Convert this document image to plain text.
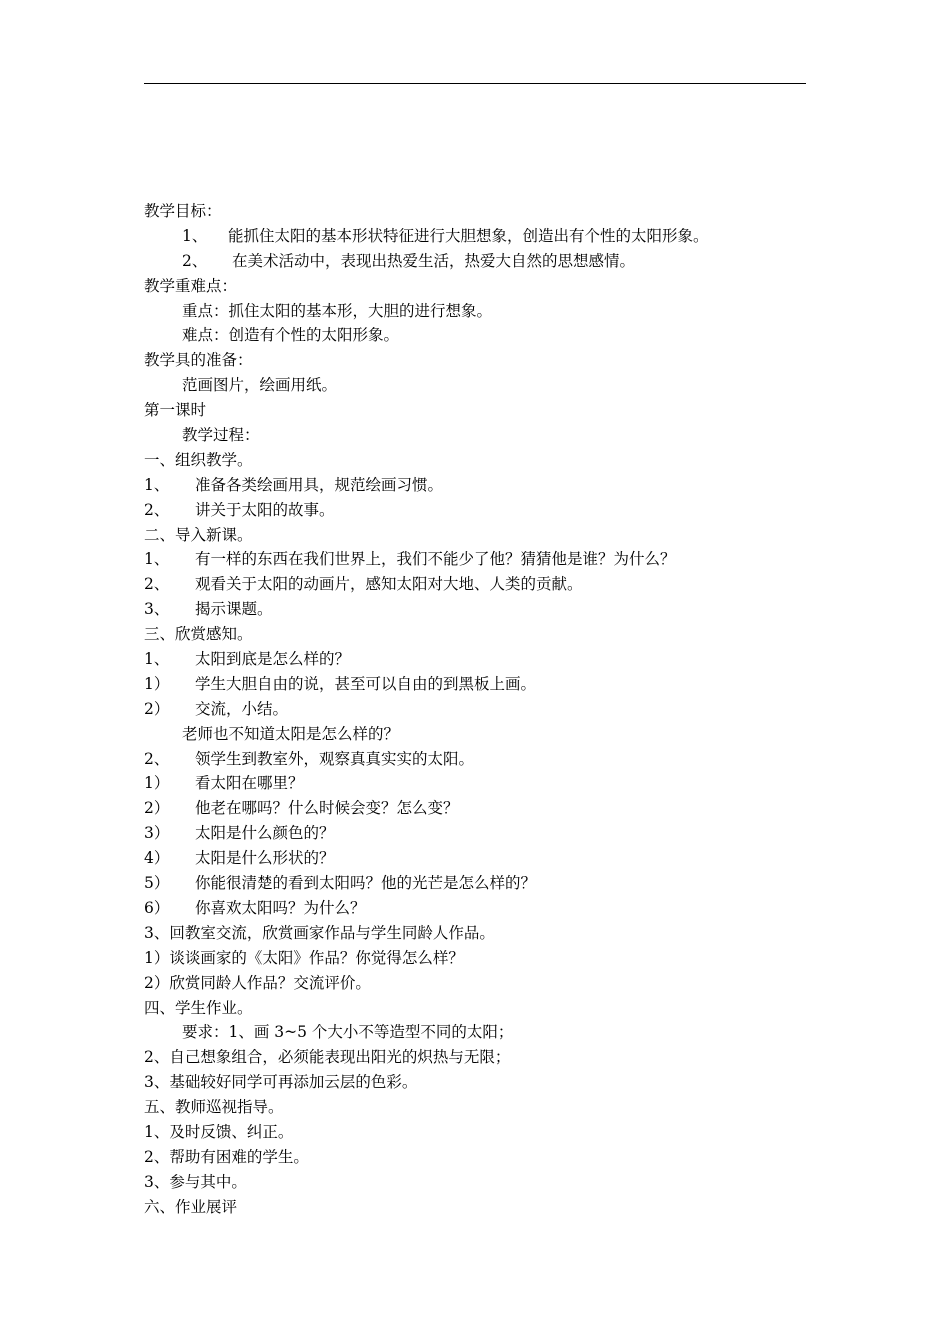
教学目标：
1、 能抓住太阳的基本形状特征进行大胆想象，创造出有个性的太阳形象。
2、 在美术活动中，表现出热爱生活，热爱大自然的思想感情。
教学重难点：
重点：抓住太阳的基本形，大胆的进行想象。
难点：创造有个性的太阳形象。
教学具的准备：
范画图片，绘画用纸。
第一课时
教学过程：
一、组织教学。
1、 准备各类绘画用具，规范绘画习惯。
2、 讲关于太阳的故事。
二、导入新课。
1、 有一样的东西在我们世界上，我们不能少了他？猜猜他是谁？为什么？
2、 观看关于太阳的动画片，感知太阳对大地、人类的贡献。
3、 揭示课题。
三、欣赏感知。
1、 太阳到底是怎么样的？
1） 学生大胆自由的说，甚至可以自由的到黑板上画。
2） 交流，小结。
老师也不知道太阳是怎么样的？
2、 领学生到教室外，观察真真实实的太阳。
1） 看太阳在哪里？
2） 他老在哪吗？什么时候会变？怎么变？
3） 太阳是什么颜色的？
4） 太阳是什么形状的？
5） 你能很清楚的看到太阳吗？他的光芒是怎么样的？
6） 你喜欢太阳吗？为什么？
3、回教室交流，欣赏画家作品与学生同龄人作品。
1）谈谈画家的《太阳》作品？你觉得怎么样？
2）欣赏同龄人作品？交流评价。
四、学生作业。
要求：1、画 3~5 个大小不等造型不同的太阳；
2、自己想象组合，必须能表现出阳光的炽热与无限；
3、基础较好同学可再添加云层的色彩。
五、教师巡视指导。
1、及时反馈、纠正。
2、帮助有困难的学生。
3、参与其中。
六、作业展评
